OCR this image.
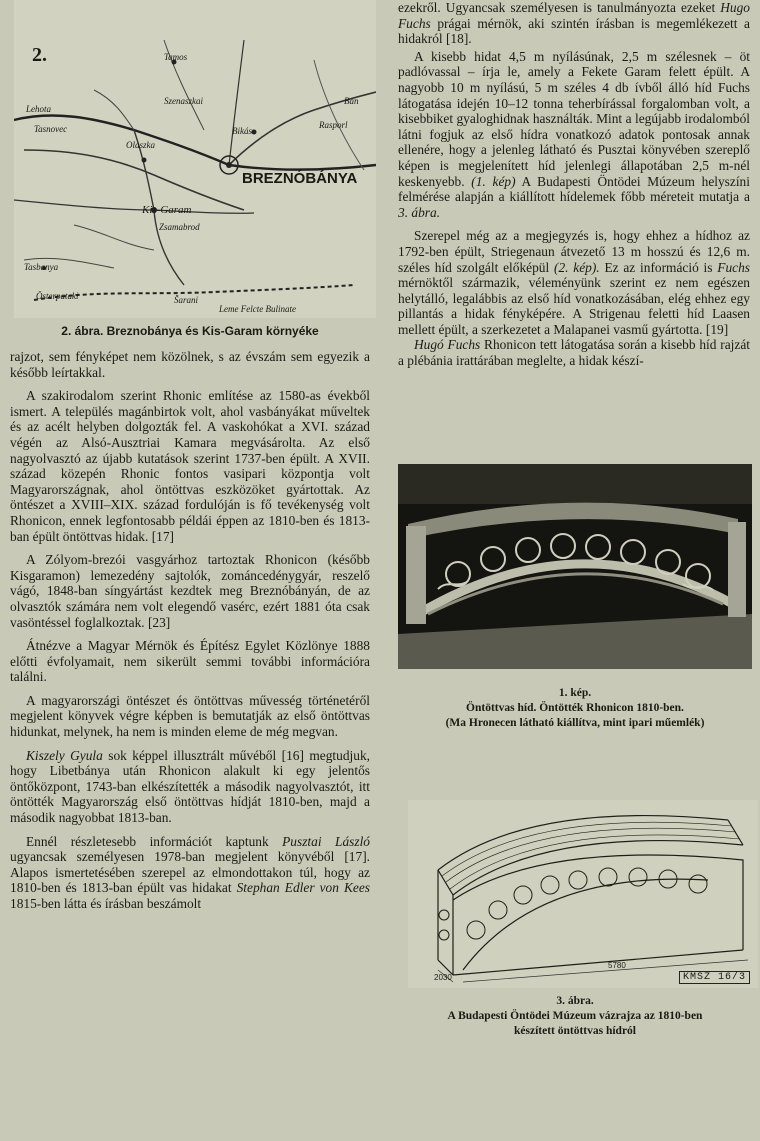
2.	Tamos
Lehota
Szenaszkai	Ban
Tasnovec	Bikás
Rasporl
Olaszka
BREZNÓBÁNYA
Kis-Garam
Zsamabrod
Tasbanya
Österpataki	Šarani
Leme Felcte Bulinate

2. ábra. Breznobánya és Kis-Garam környéke

rajzot, sem fényképet nem közölnek, s az évszám sem egyezik a később leírtakkal.

A szakirodalom szerint Rhonic említése az 1580-as évekből ismert. A település magánbirtok volt, ahol vasbányákat műveltek és az acélt helyben dolgozták fel. A vaskohókat a XVI. század végén az Alsó-Ausztriai Kamara megvásárolta. Az első nagyolvasztó az újabb kutatások szerint 1737-ben épült. A XVII. század közepén Rhonic fontos vasipari központja volt Magyarországnak, ahol öntöttvas eszközöket gyártottak. Az öntészet a XVIII–XIX. század fordulóján is fő tevékenység volt Rhonicon, ennek legfontosabb példái éppen az 1810-ben és 1813-ban épült öntöttvas hidak. [17]

A Zólyom-brezói vasgyárhoz tartoztak Rhonicon (később Kisgaramon) lemezedény sajtolók, zománcedénygyár, reszelő vágó, 1848-ban síngyártást kezdtek meg Breznóbányán, de az olvasztók számára nem volt elegendő vasérc, ezért 1881 óta csak vasöntéssel foglalkoztak. [23]

Átnézve a Magyar Mérnök és Építész Egylet Közlönye 1888 előtti évfolyamait, nem sikerült semmi további információra találni.

A magyarországi öntészet és öntöttvas művesség történetéről megjelent könyvek végre képben is bemutatják az első öntöttvas hidunkat, melynek, ha nem is minden eleme de még megvan.

Kiszely Gyula sok képpel illusztrált művéből [16] megtudjuk, hogy Libetbánya után Rhonicon alakult ki egy jelentős öntőközpont, 1743-ban elkészítették a második nagyolvasztót, itt öntötték Magyarország első öntöttvas hídját 1810-ben, majd a második nagyobbat 1813-ban.

Ennél részletesebb információt kaptunk Pusztai László ugyancsak személyesen 1978-ban megjelent könyvéből [17]. Alapos ismertetésében szerepel az elmondottakon túl, hogy az 1810-ben és 1813-ban épült vas hidakat Stephan Edler von Kees 1815-ben látta és írásban beszámolt

ezekről. Ugyancsak személyesen is tanulmányozta ezeket Hugo Fuchs prágai mérnök, aki szintén írásban is megemlékezett a hidakról [18].

A kisebb hidat 4,5 m nyílásúnak, 2,5 m szélesnek – öt padlóvassal – írja le, amely a Fekete Garam felett épült. A nagyobb 10 m nyílású, 5 m széles 4 db ívből álló híd Fuchs látogatása idején 10–12 tonna teherbírással forgalomban volt, a kisebbiket gyaloghidnak használták. Mint a legújabb irodalomból látni fogjuk az első hídra vonatkozó adatok pontosak annak ellenére, hogy a jelenleg látható és Pusztai könyvében szereplő képen is megjelenített híd jelenlegi állapotában 2,5 m-nél keskenyebb. (1. kép) A Budapesti Öntödei Múzeum helyszíni felmérése alapján a kiállított hídelemek főbb méreteit mutatja a 3. ábra.

Szerepel még az a megjegyzés is, hogy ehhez a hídhoz az 1792-ben épült, Striegenaun átvezető 13 m hosszú és 12,6 m. széles híd szolgált előképül (2. kép). Ez az információ is Fuchs mérnöktől származik, véleményünk szerint ez nem egészen helytálló, legalábbis az első híd vonatkozásában, elég ehhez egy pillantás a hidak fényképére. A Strigenau feletti híd Laasen mellett épült, a szerkezetet a Malapanei vasmű gyártotta. [19]

Hugó Fuchs Rhonicon tett látogatása során a kisebb híd rajzát a plébánia irattárában meglelte, a hidak készí-

1. kép.

Öntöttvas híd. Öntötték Rhonicon 1810-ben.

(Ma Hronecen látható kiállítva, mint ipari műemlék)

5780
2030	KMSZ 16/3

3. ábra.

A Budapesti Öntödei Múzeum vázrajza az 1810-ben

készített öntöttvas hídról
